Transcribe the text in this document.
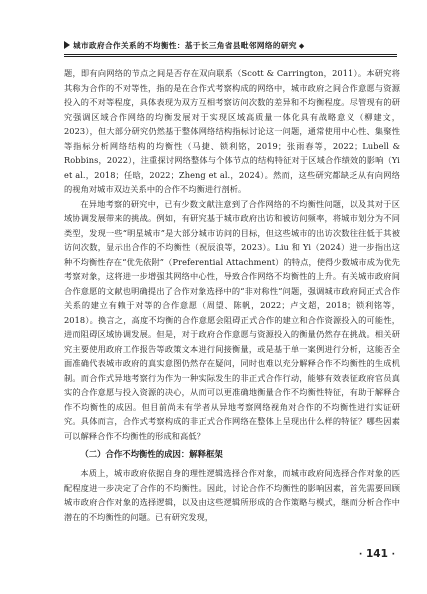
城市政府合作关系的不均衡性：基于长三角省县毗邻网络的研究 ◆

题，即有向网络的节点之间是否存在双向联系（Scott & Carrington，2011）。本研究将其称为合作的不对等性，指的是在合作式考察构成的网络中，城市政府之间合作意愿与资源投入的不对等程度，具体表现为双方互相考察访问次数的差异和不均衡程度。尽管现有的研究强调区域合作网络的均衡发展对于实现区域高质量一体化具有战略意义（柳建文，2023），但大部分研究仍然基于整体网络结构指标讨论这一问题，通常使用中心性、集聚性等指标分析网络结构的均衡性（马捷、锁利铭，2019；张雨春等，2022；Lubell & Robbins，2022），注重探讨网络整体与个体节点的结构特征对于区域合作绩效的影响（Yi et al.，2018；任晗，2022；Zheng et al.，2024）。然而，这些研究都缺乏从有向网络的视角对城市双边关系中的合作不均衡进行剖析。

在异地考察的研究中，已有少数文献注意到了合作网络的不均衡性问题，以及其对于区域协调发展带来的挑战。例如，有研究基于城市政府出访和被访问频率，将城市划分为不同类型，发现一些“明星城市”是大部分城市访问的目标，但这些城市的出访次数往往低于其被访问次数，显示出合作的不均衡性（祝辰浪等，2023）。Liu 和 Yi（2024）进一步指出这种不均衡性存在“优先依附”（Preferential Attachment）的特点，使得少数城市成为优先考察对象，这将进一步增强其网络中心性，导致合作网络不均衡性的上升。有关城市政府间合作意愿的文献也明确提出了合作对象选择中的“非对称性”问题，强调城市政府间正式合作关系的建立有赖于对等的合作意愿（周望、陈帆，2022；卢文超，2018；锁利铭等，2018）。换言之，高度不均衡的合作意愿会阻碍正式合作的建立和合作资源投入的可能性，进而阻碍区域协调发展。但是，对于政府合作意愿与资源投入的衡量仍然存在挑战。相关研究主要使用政府工作报告等政策文本进行间接衡量，或是基于单一案例进行分析，这能否全面准确代表城市政府的真实意图仍然存在疑问，同时也难以充分解释合作不均衡性的生成机制。而合作式异地考察行为作为一种实际发生的非正式合作行动，能够有效表征政府官员真实的合作意愿与投入资源的决心，从而可以更准确地衡量合作不均衡性特征，有助于解释合作不均衡性的成因。但目前尚未有学者从异地考察网络视角对合作的不均衡性进行实证研究。具体而言，合作式考察构成的非正式合作网络在整体上呈现出什么样的特征？哪些因素可以解释合作不均衡性的形成和高低？

（二）合作不均衡性的成因：解释框架

本质上，城市政府依据自身的理性逻辑选择合作对象，而城市政府间选择合作对象的匹配程度进一步决定了合作的不均衡性。因此，讨论合作不均衡性的影响因素，首先需要回顾城市政府合作对象的选择逻辑，以及由这些逻辑所形成的合作策略与模式，继而分析合作中潜在的不均衡性的问题。已有研究发现，

· 141 ·
